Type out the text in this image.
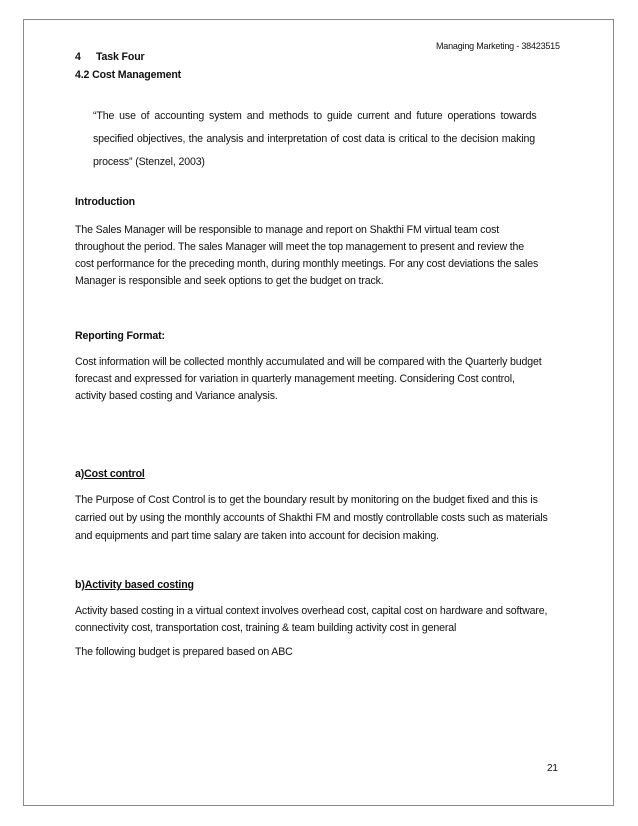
Managing Marketing - 38423515
4 Task Four
4.2 Cost Management
“The use of accounting system and methods to guide current and future operations towards
specified objectives, the analysis and interpretation of cost data is critical to the decision making
process” (Stenzel, 2003)
Introduction
The Sales Manager will be responsible to manage and report on Shakthi FM virtual team cost
throughout the period. The sales Manager will meet the top management to present and review the
cost performance for the preceding month, during monthly meetings. For any cost deviations the sales
Manager is responsible and seek options to get the budget on track.
Reporting Format:
Cost information will be collected monthly accumulated and will be compared with the Quarterly budget
forecast and expressed for variation in quarterly management meeting. Considering Cost control,
activity based costing and Variance analysis.
a)Cost control
The Purpose of Cost Control is to get the boundary result by monitoring on the budget fixed and this is
carried out by using the monthly accounts of Shakthi FM and mostly controllable costs such as materials
and equipments and part time salary are taken into account for decision making.
b)Activity based costing
Activity based costing in a virtual context involves overhead cost, capital cost on hardware and software,
connectivity cost, transportation cost, training & team building activity cost in general
The following budget is prepared based on ABC
21
